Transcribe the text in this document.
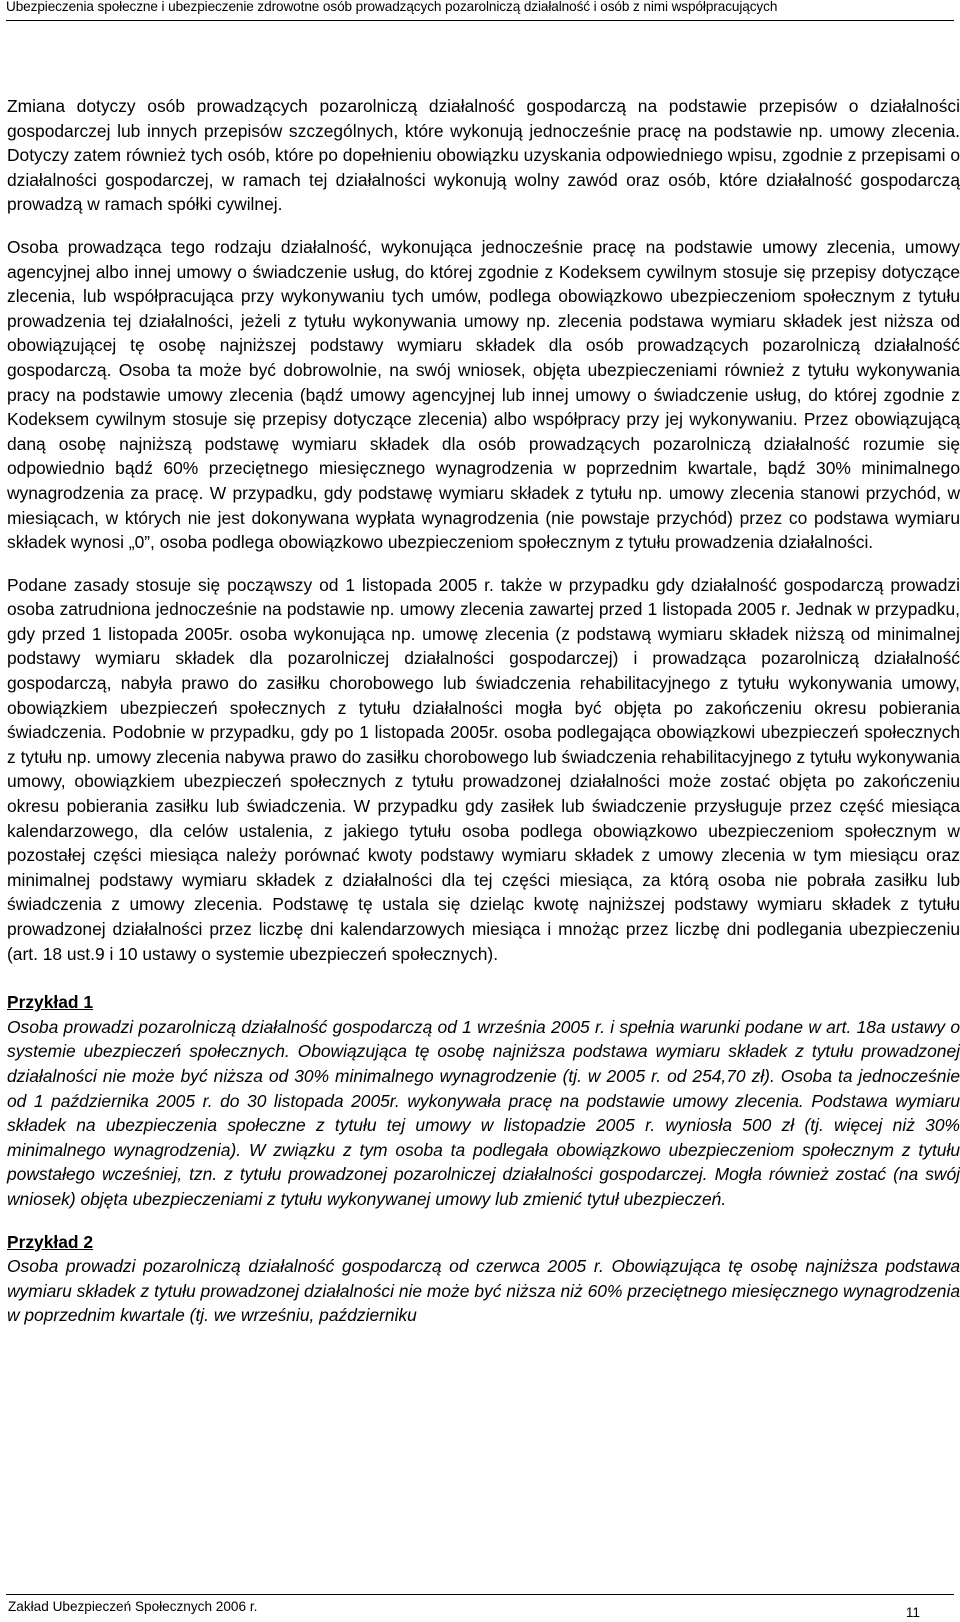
Ubezpieczenia społeczne i ubezpieczenie zdrowotne osób prowadzących pozarolniczą działalność i osób z nimi współpracujących

Zmiana dotyczy osób prowadzących pozarolniczą działalność gospodarczą na podstawie przepisów o działalności gospodarczej lub innych przepisów szczególnych, które wykonują jednocześnie pracę na podstawie np. umowy zlecenia. Dotyczy zatem również tych osób, które po dopełnieniu obowiązku uzyskania odpowiedniego wpisu, zgodnie z przepisami o działalności gospodarczej, w ramach tej działalności wykonują wolny zawód oraz osób, które działalność gospodarczą prowadzą w ramach spółki cywilnej.

Osoba prowadząca tego rodzaju działalność, wykonująca jednocześnie pracę na podstawie umowy zlecenia, umowy agencyjnej albo innej umowy o świadczenie usług, do której zgodnie z Kodeksem cywilnym stosuje się przepisy dotyczące zlecenia, lub współpracująca przy wykonywaniu tych umów, podlega obowiązkowo ubezpieczeniom społecznym z tytułu prowadzenia tej działalności, jeżeli z tytułu wykonywania umowy np. zlecenia podstawa wymiaru składek jest niższa od obowiązującej tę osobę najniższej podstawy wymiaru składek dla osób prowadzących pozarolniczą działalność gospodarczą. Osoba ta może być dobrowolnie, na swój wniosek, objęta ubezpieczeniami również z tytułu wykonywania pracy na podstawie umowy zlecenia (bądź umowy agencyjnej lub innej umowy o świadczenie usług, do której zgodnie z Kodeksem cywilnym stosuje się przepisy dotyczące zlecenia) albo współpracy przy jej wykonywaniu. Przez obowiązującą daną osobę najniższą podstawę wymiaru składek dla osób prowadzących pozarolniczą działalność rozumie się odpowiednio bądź 60% przeciętnego miesięcznego wynagrodzenia w poprzednim kwartale, bądź 30% minimalnego wynagrodzenia za pracę. W przypadku, gdy podstawę wymiaru składek z tytułu np. umowy zlecenia stanowi przychód, w miesiącach, w których nie jest dokonywana wypłata wynagrodzenia (nie powstaje przychód) przez co podstawa wymiaru składek wynosi „0”, osoba podlega obowiązkowo ubezpieczeniom społecznym z tytułu prowadzenia działalności.

Podane zasady stosuje się począwszy od 1 listopada 2005 r. także w przypadku gdy działalność gospodarczą prowadzi osoba zatrudniona jednocześnie na podstawie np. umowy zlecenia zawartej przed 1 listopada 2005 r. Jednak w przypadku, gdy przed 1 listopada 2005r. osoba wykonująca np. umowę zlecenia (z podstawą wymiaru składek niższą od minimalnej podstawy wymiaru składek dla pozarolniczej działalności gospodarczej) i prowadząca pozarolniczą działalność gospodarczą, nabyła prawo do zasiłku chorobowego lub świadczenia rehabilitacyjnego z tytułu wykonywania umowy, obowiązkiem ubezpieczeń społecznych z tytułu działalności mogła być objęta po zakończeniu okresu pobierania świadczenia. Podobnie w przypadku, gdy po 1 listopada 2005r. osoba podlegająca obowiązkowi ubezpieczeń społecznych z tytułu np. umowy zlecenia nabywa prawo do zasiłku chorobowego lub świadczenia rehabilitacyjnego z tytułu wykonywania umowy, obowiązkiem ubezpieczeń społecznych z tytułu prowadzonej działalności może zostać objęta po zakończeniu okresu pobierania zasiłku lub świadczenia. W przypadku gdy zasiłek lub świadczenie przysługuje przez część miesiąca kalendarzowego, dla celów ustalenia, z jakiego tytułu osoba podlega obowiązkowo ubezpieczeniom społecznym w pozostałej części miesiąca należy porównać kwoty podstawy wymiaru składek z umowy zlecenia w tym miesiącu oraz minimalnej podstawy wymiaru składek z działalności dla tej części miesiąca, za którą osoba nie pobrała zasiłku lub świadczenia z umowy zlecenia. Podstawę tę ustala się dzieląc kwotę najniższej podstawy wymiaru składek z tytułu prowadzonej działalności przez liczbę dni kalendarzowych miesiąca i mnożąc przez liczbę dni podlegania ubezpieczeniu (art. 18 ust.9 i 10 ustawy o systemie ubezpieczeń społecznych).

Przykład 1
Osoba prowadzi pozarolniczą działalność gospodarczą od 1 września 2005 r. i spełnia warunki podane w art. 18a ustawy o systemie ubezpieczeń społecznych. Obowiązująca tę osobę najniższa podstawa wymiaru składek z tytułu prowadzonej działalności nie może być niższa od 30% minimalnego wynagrodzenie (tj. w 2005 r. od 254,70 zł). Osoba ta jednocześnie od 1 października 2005 r. do 30 listopada 2005r. wykonywała pracę na podstawie umowy zlecenia. Podstawa wymiaru składek na ubezpieczenia społeczne z tytułu tej umowy w listopadzie 2005 r. wyniosła 500 zł (tj. więcej niż 30% minimalnego wynagrodzenia). W związku z tym osoba ta podlegała obowiązkowo ubezpieczeniom społecznym z tytułu powstałego wcześniej, tzn. z tytułu prowadzonej pozarolniczej działalności gospodarczej. Mogła również zostać (na swój wniosek) objęta ubezpieczeniami z tytułu wykonywanej umowy lub zmienić tytuł ubezpieczeń.

Przykład 2
Osoba prowadzi pozarolniczą działalność gospodarczą od czerwca 2005 r. Obowiązująca tę osobę najniższa podstawa wymiaru składek z tytułu prowadzonej działalności nie może być niższa niż 60% przeciętnego miesięcznego wynagrodzenia w poprzednim kwartale (tj. we wrześniu, październiku

Zakład Ubezpieczeń Społecznych 2006 r.	11
